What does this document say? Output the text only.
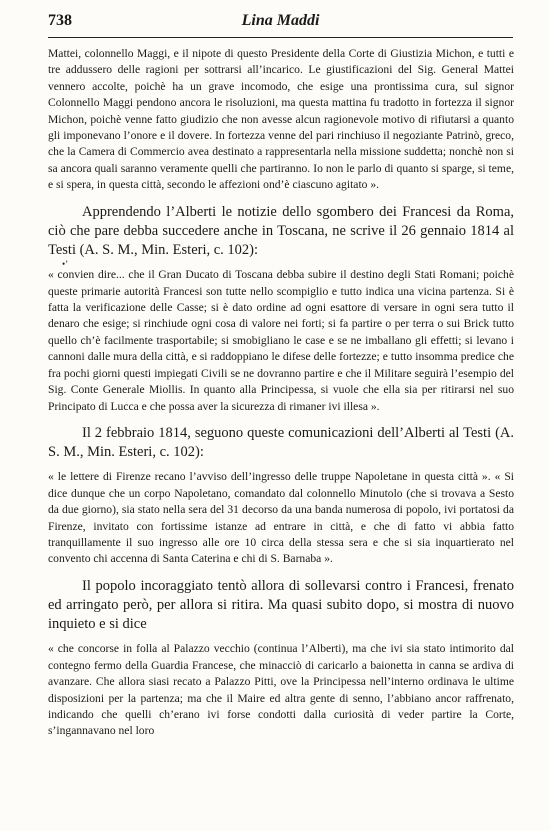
738	Lina Maddi
•’

Mattei, colonnello Maggi, e il nipote di questo Presidente della Corte di Giustizia Michon, e tutti e tre addussero delle ragioni per sottrarsi all’incarico. Le giustificazioni del Sig. General Mattei vennero accolte, poichè ha un grave incomodo, che esige una prontissima cura, sul signor Colonnello Maggi pendono ancora le risoluzioni, ma questa mattina fu tradotto in fortezza il signor Michon, poichè venne fatto giudizio che non avesse alcun ragionevole motivo di rifiutarsi a quanto gli imponevano l’onore e il dovere. In fortezza venne del pari rinchiuso il negoziante Patrinò, greco, che la Camera di Commercio avea destinato a rappresentarla nella missione suddetta; nonchè non si sa ancora quali saranno veramente quelli che partiranno. Io non le parlo di quanto si sparge, si teme, e si spera, in questa città, secondo le affezioni ond’è ciascuno agitato ».

Apprendendo l’Alberti le notizie dello sgombero dei Francesi da Roma, ciò che pare debba succedere anche in Toscana, ne scrive il 26 gennaio 1814 al Testi (A. S. M., Min. Esteri, c. 102):

« convien dire... che il Gran Ducato di Toscana debba subire il destino degli Stati Romani; poichè queste primarie autorità Francesi son tutte nello scompiglio e tutto indica una vicina partenza. Si è fatta la verificazione delle Casse; si è dato ordine ad ogni esattore di versare in ogni sera tutto il denaro che esige; si rinchiude ogni cosa di valore nei forti; si fa partire o per terra o sui Brick tutto quello ch’è facilmente trasportabile; si smobigliano le case e se ne imballano gli effetti; si levano i cannoni dalle mura della città, e si raddoppiano le difese delle fortezze; e tutto insomma predice che fra pochi giorni questi impiegati Civili se ne dovranno partire e che il Militare seguirà l’esempio del Sig. Conte Generale Miollis. In quanto alla Principessa, si vuole che ella sia per ritirarsi nel suo Principato di Lucca e che possa aver la sicurezza di rimaner ivi illesa ».

Il 2 febbraio 1814, seguono queste comunicazioni dell’Alberti al Testi (A. S. M., Min. Esteri, c. 102):

« le lettere di Firenze recano l’avviso dell’ingresso delle truppe Napoletane in questa città ». « Si dice dunque che un corpo Napoletano, comandato dal colonnello Minutolo (che si trovava a Sesto da due giorno), sia stato nella sera del 31 decorso da una banda numerosa di popolo, ivi portatosi da Firenze, invitato con fortissime istanze ad entrare in città, e che di fatto vi abbia fatto tranquillamente il suo ingresso alle ore 10 circa della stessa sera e che si sia inquartierato nel convento chi accenna di Santa Caterina e chi di S. Barnaba ».

Il popolo incoraggiato tentò allora di sollevarsi contro i Francesi, frenato ed arringato però, per allora si ritira. Ma quasi subito dopo, si mostra di nuovo inquieto e si dice

« che concorse in folla al Palazzo vecchio (continua l’Alberti), ma che ivi sia stato intimorito dal contegno fermo della Guardia Francese, che minacciò di caricarlo a baionetta in canna se ardiva di avanzare. Che allora siasi recato a Palazzo Pitti, ove la Principessa nell’interno ordinava le ultime disposizioni per la partenza; ma che il Maire ed altra gente di senno, l’abbiano ancor raffrenato, indicando che quelli ch’erano ivi forse condotti dalla curiosità di veder partire la Corte, s’ingannavano nel loro
